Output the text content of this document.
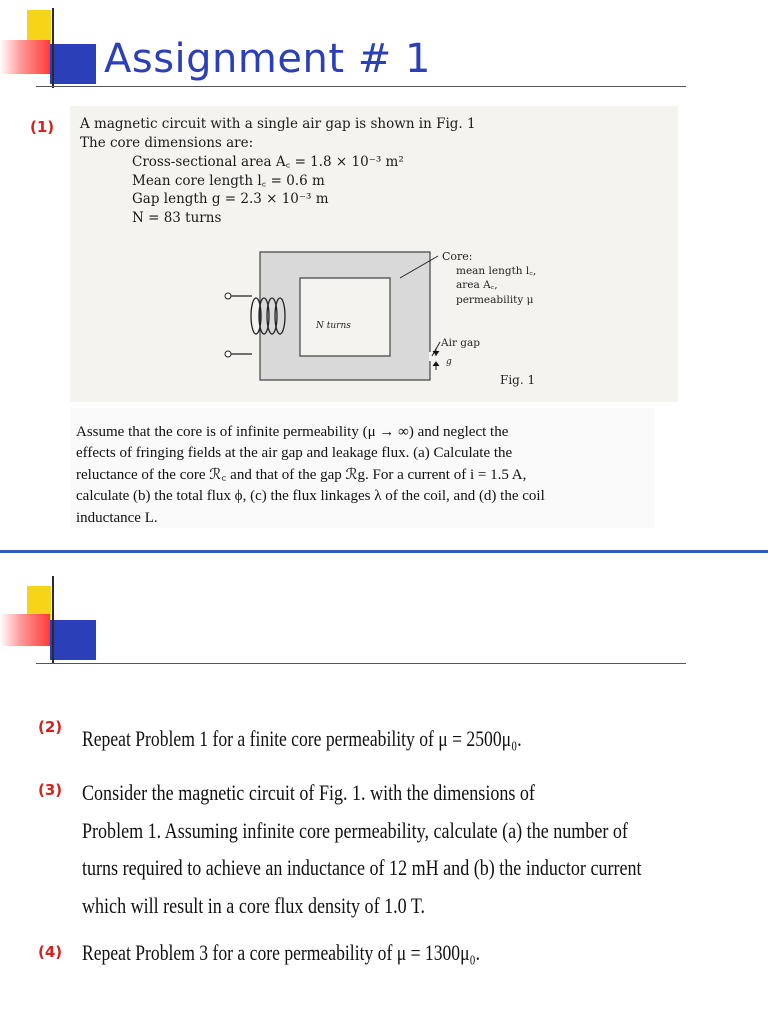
Assignment # 1
(1) A magnetic circuit with a single air gap is shown in Fig. 1
The core dimensions are:
Cross-sectional area A꜀ = 1.8 × 10⁻³ m²
Mean core length l꜀ = 0.6 m
Gap length g = 2.3 × 10⁻³ m
N = 83 turns
N turns
Core:
mean length l꜀,
area A꜀,
permeability μ
Air gap
g
Fig. 1
Assume that the core is of infinite permeability (μ → ∞) and neglect the
effects of fringing fields at the air gap and leakage flux. (a) Calculate the
reluctance of the core ℛ꜀ and that of the gap ℛg. For a current of i = 1.5 A,
calculate (b) the total flux ϕ, (c) the flux linkages λ of the coil, and (d) the coil
inductance L.
(2) Repeat Problem 1 for a finite core permeability of μ = 2500μ₀.
(3) Consider the magnetic circuit of Fig. 1. with the dimensions of
Problem 1. Assuming infinite core permeability, calculate (a) the number of
turns required to achieve an inductance of 12 mH and (b) the inductor current
which will result in a core flux density of 1.0 T.
(4) Repeat Problem 3 for a core permeability of μ = 1300μ₀.
